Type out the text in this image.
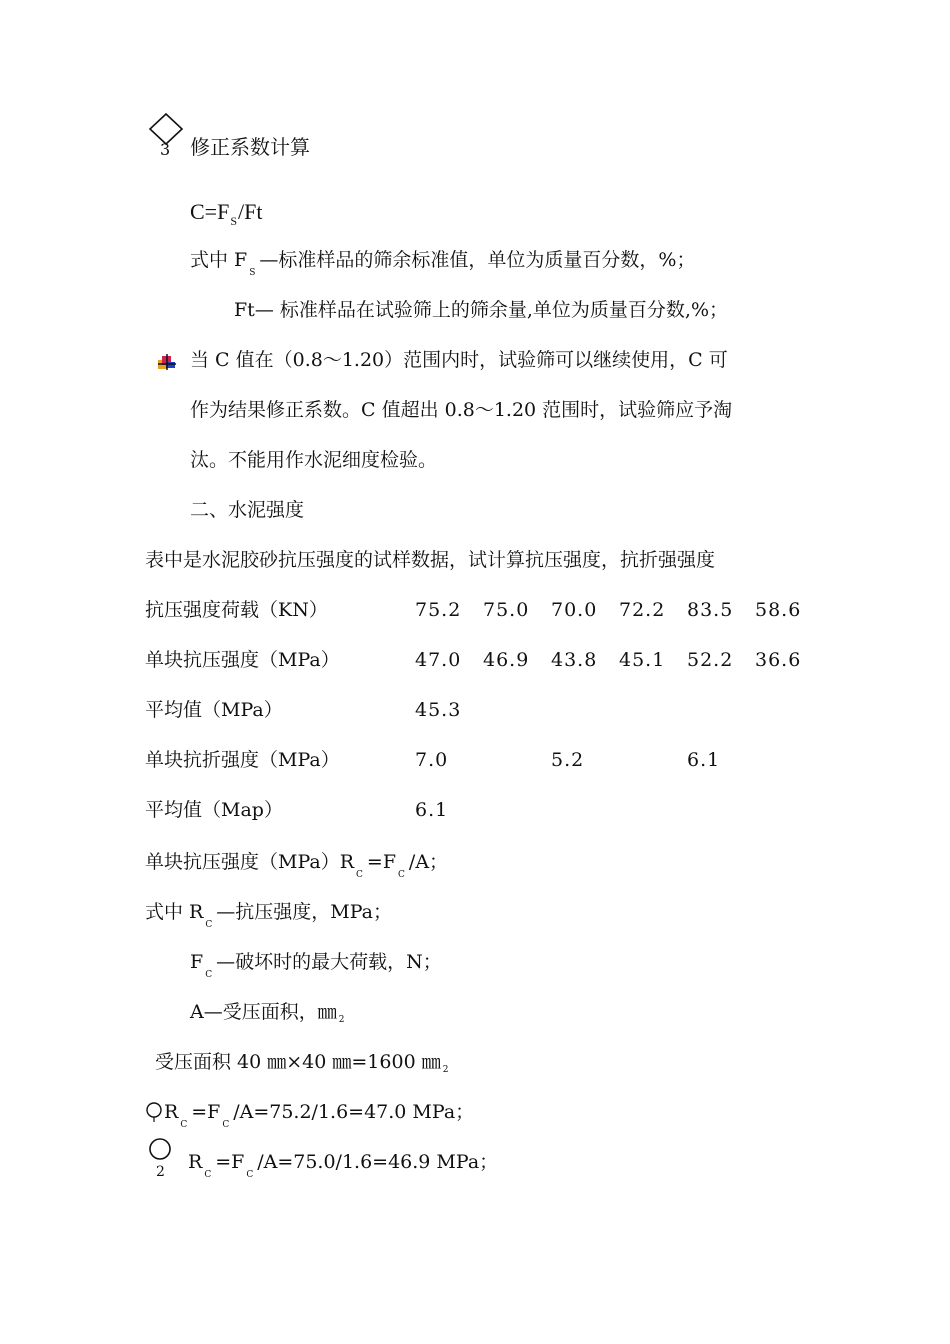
3 修正系数计算
$C=F_S/Ft$
式中 $F_S—$标准样品的筛余标准值，单位为质量百分数，%；
Ft— 标准样品在试验筛上的筛余量,单位为质量百分数,%；
当 C 值在（0.8～1.20）范围内时，试验筛可以继续使用，C 可
作为结果修正系数。C 值超出 0.8～1.20 范围时，试验筛应予淘
汰。不能用作水泥细度检验。
二、水泥强度
表中是水泥胶砂抗压强度的试样数据，试计算抗压强度，抗折强强度
抗压强度荷载（KN）	75.2 75.0 70.0 72.2 83.5 58.6
单块抗压强度（MPa）	47.0 46.9 43.8 45.1 52.2 36.6
平均值（MPa）	45.3
单块抗折强度（MPa）	7.0	5.2	6.1
平均值（Map）	6.1
单块抗压强度$(MPa)R_C=F_C/A$；
式中 $R_C—$抗压强度，MPa；
$F_C—$破坏时的最大荷载，N；
A—受压面积，㎜ $_2$
受压面积 40 ㎜×40 ㎜=1600 ㎜ $_2$
$R_C=F_C/A=75.2/1.6=47.0$ MPa；
2 $R_C=F_C/A=75.0/1.6=46.9$ MPa；
